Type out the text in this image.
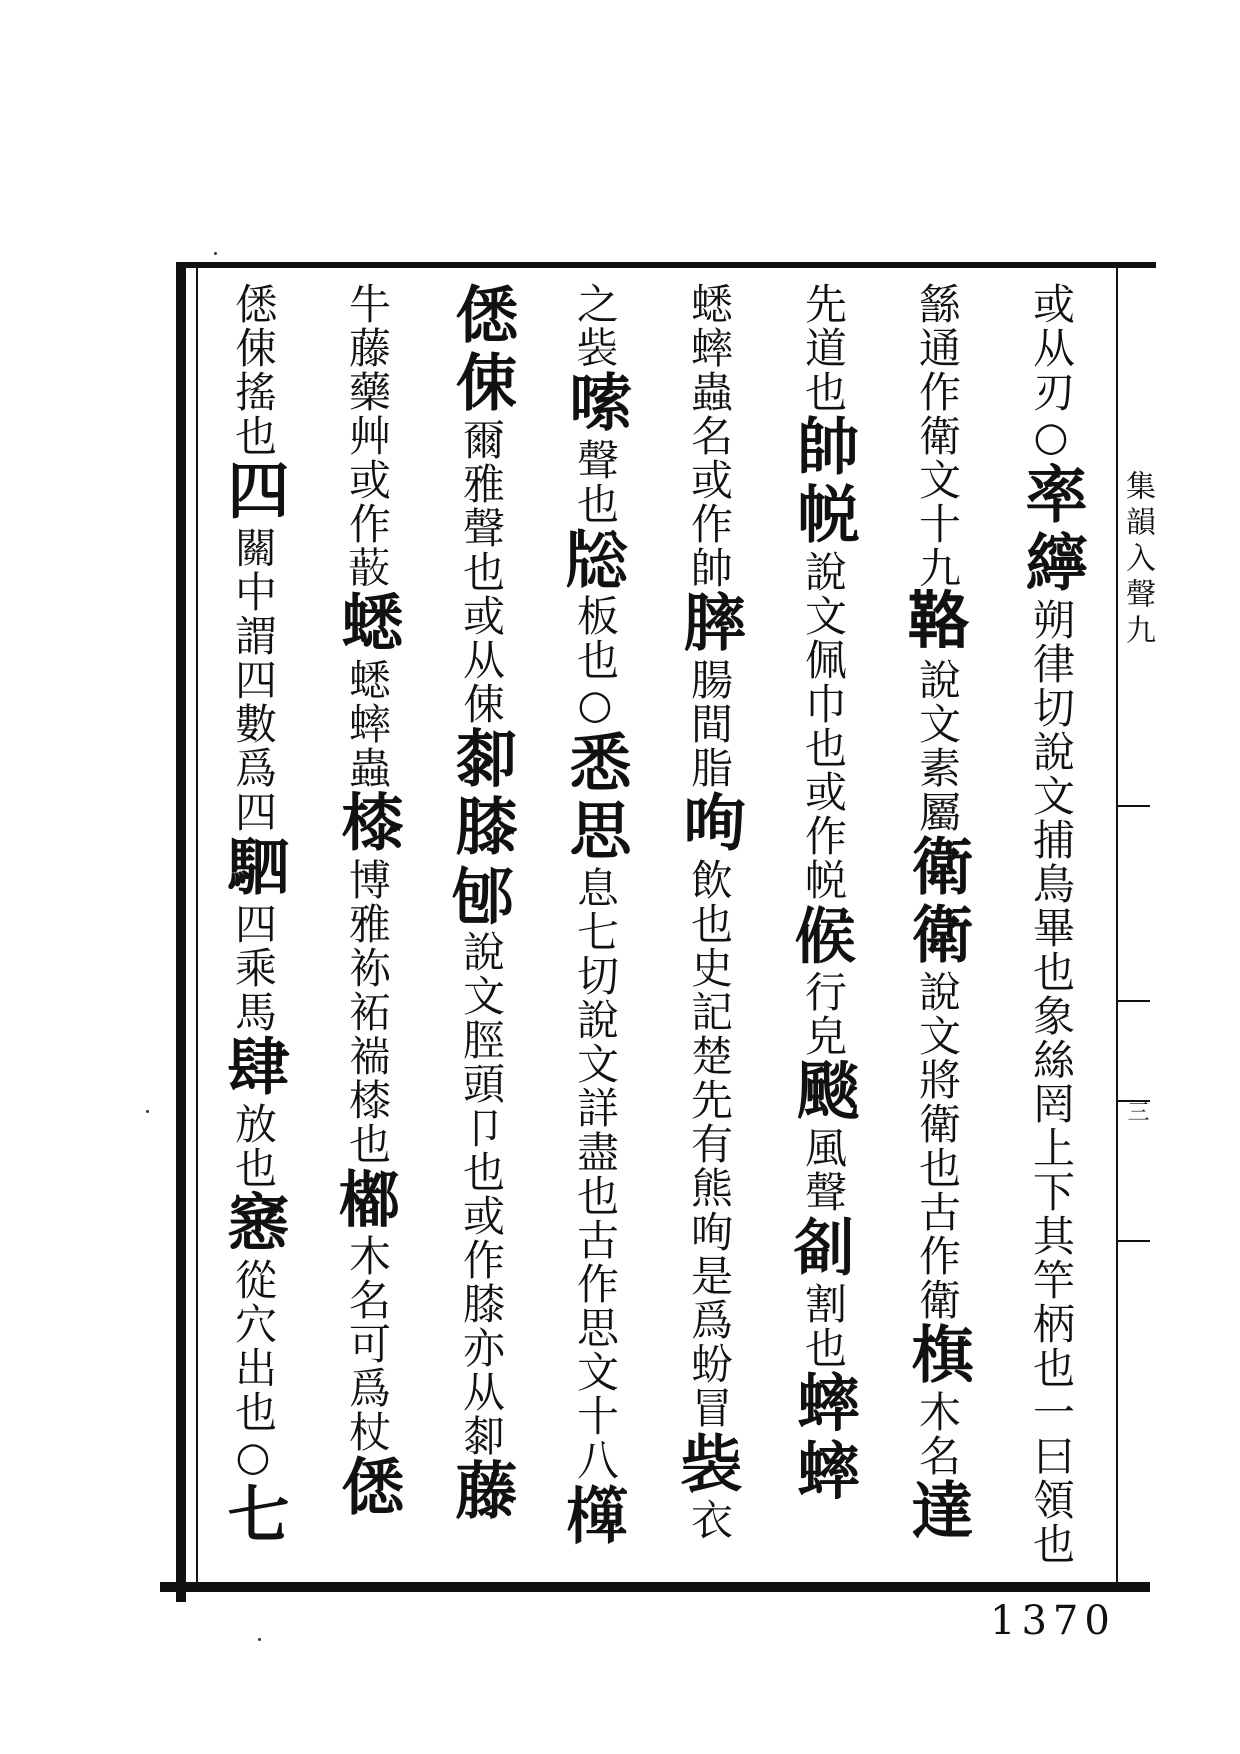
集韻入聲九
三
或从刃○率𦆭朔律切說文捕鳥畢也象絲罔上下其竿柄也一曰領也
䌛通作衛文十九𩊚說文素屬衛衛說文將衛也古作衛𣗍木名達
先道也帥帨說文佩巾也或作帨𠋫行皃颷風聲𠝘割也蟀蟀
蟋蟀蟲名或作帥膟腸間脂咰飲也史記楚先有熊咰是爲蚡冒𧙁衣
之𧙁嗦聲也𤗉板也○悉思息七切說文詳盡也古作思文十八𣝁
僁㑛爾雅聲也或从㑛厀膝𨚔說文脛頭卩也或作膝亦从厀藤
牛藤藥艸或作𦺻蟋蟋蟀蟲㯃博雅袮袥褍㯃也𣛭木名可爲杖僁
僁㑛搖也四關中謂四數爲四駟四乘馬肆放也窸從穴出也○七
1370
